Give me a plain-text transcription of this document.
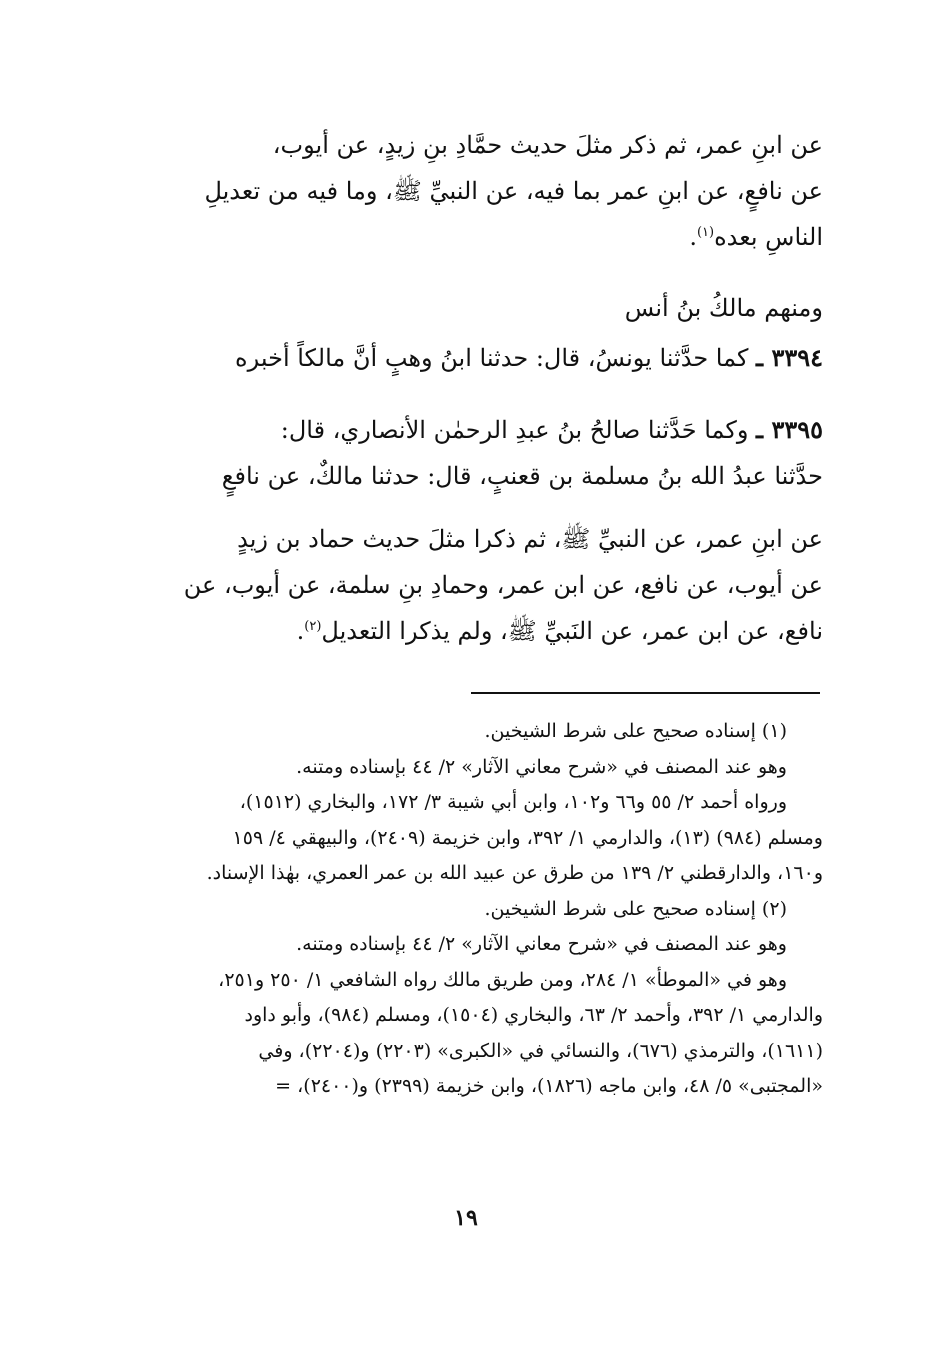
عن ابنِ عمر، ثم ذكر مثلَ حديث حمَّادِ بنِ زيدٍ، عن أيوب،
عن نافعٍ، عن ابنِ عمر بما فيه، عن النبيِّ ﷺ، وما فيه من تعديلِ
الناسِ بعده$^{(١)}$.
ومنهم مالكُ بنُ أنس
٣٣٩٤ ـ كما حدَّثنا يونسُ، قال: حدثنا ابنُ وهبٍ أنَّ مالكاً أخبره
٣٣٩٥ ـ وكما حَدَّثنا صالحُ بنُ عبدِ الرحمٰن الأنصاري، قال:
حدَّثنا عبدُ الله بنُ مسلمة بن قعنبٍ، قال: حدثنا مالكٌ، عن نافعٍ
عن ابنِ عمر، عن النبيِّ ﷺ، ثم ذكرا مثلَ حديث حماد بن زيدٍ
عن أيوب، عن نافع، عن ابن عمر، وحمادِ بنِ سلمة، عن أيوب، عن
نافع، عن ابن عمر، عن النَبيِّ ﷺ، ولم يذكرا التعديل$^{(٢)}$.
(١) إسناده صحيح على شرط الشيخين.
وهو عند المصنف في «شرح معاني الآثار» ٢/ ٤٤ بإسناده ومتنه.
ورواه أحمد ٢/ ٥٥ و٦٦ و١٠٢، وابن أبي شيبة ٣/ ١٧٢، والبخاري (١٥١٢)،
ومسلم (٩٨٤) (١٣)، والدارمي ١/ ٣٩٢، وابن خزيمة (٢٤٠٩)، والبيهقي ٤/ ١٥٩
و١٦٠، والدارقطني ٢/ ١٣٩ من طرق عن عبيد الله بن عمر العمري، بهٰذا الإسناد.
(٢) إسناده صحيح على شرط الشيخين.
وهو عند المصنف في «شرح معاني الآثار» ٢/ ٤٤ بإسناده ومتنه.
وهو في «الموطأ» ١/ ٢٨٤، ومن طريق مالك رواه الشافعي ١/ ٢٥٠ و٢٥١،
والدارمي ١/ ٣٩٢، وأحمد ٢/ ٦٣، والبخاري (١٥٠٤)، ومسلم (٩٨٤)، وأبو داود
(١٦١١)، والترمذي (٦٧٦)، والنسائي في «الكبرى» (٢٢٠٣) و(٢٢٠٤)، وفي
«المجتبى» ٥/ ٤٨، وابن ماجه (١٨٢٦)، وابن خزيمة (٢٣٩٩) و(٢٤٠٠)، =
١٩
